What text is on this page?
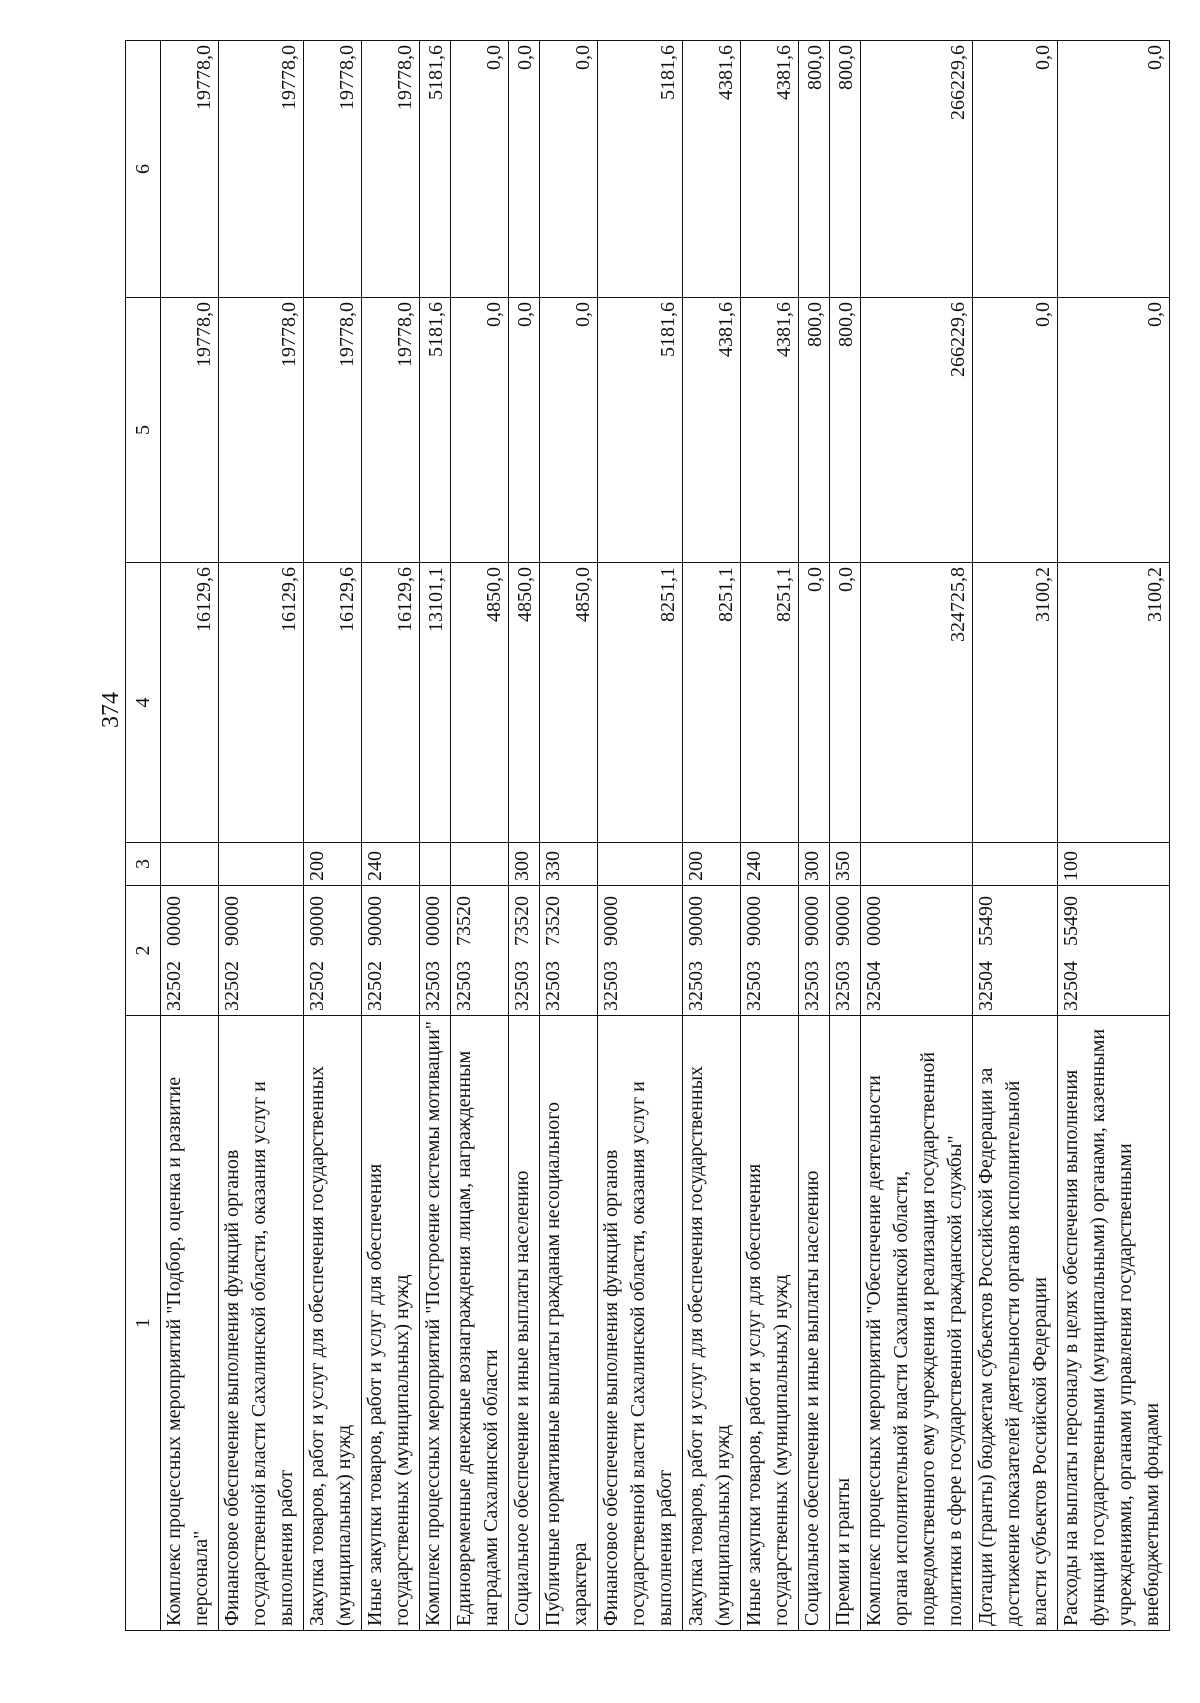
374
1	2	3	4	5	6
Комплекс процессных мероприятий "Подбор, оценка и развитие персонала"	32502   00000		16129,6	19778,0	19778,0
Финансовое обеспечение выполнения функций органов государственной власти Сахалинской области, оказания услуг и выполнения работ	32502   90000		16129,6	19778,0	19778,0
Закупка товаров, работ и услуг для обеспечения государственных (муниципальных) нужд	32502   90000	200	16129,6	19778,0	19778,0
Иные закупки товаров, работ и услуг для обеспечения государственных (муниципальных) нужд	32502   90000	240	16129,6	19778,0	19778,0
Комплекс процессных мероприятий "Построение системы мотивации"	32503   00000		13101,1	5181,6	5181,6
Единовременные денежные вознаграждения лицам, награжденным наградами Сахалинской области	32503   73520		4850,0	0,0	0,0
Социальное обеспечение и иные выплаты населению	32503   73520	300	4850,0	0,0	0,0
Публичные нормативные выплаты гражданам несоциального характера	32503   73520	330	4850,0	0,0	0,0
Финансовое обеспечение выполнения функций органов государственной власти Сахалинской области, оказания услуг и выполнения работ	32503   90000		8251,1	5181,6	5181,6
Закупка товаров, работ и услуг для обеспечения государственных (муниципальных) нужд	32503   90000	200	8251,1	4381,6	4381,6
Иные закупки товаров, работ и услуг для обеспечения государственных (муниципальных) нужд	32503   90000	240	8251,1	4381,6	4381,6
Социальное обеспечение и иные выплаты населению	32503   90000	300	0,0	800,0	800,0
Премии и гранты	32503   90000	350	0,0	800,0	800,0
Комплекс процессных мероприятий "Обеспечение деятельности органа исполнительной власти Сахалинской области, подведомственного ему учреждения и реализация государственной политики в сфере государственной гражданской службы"	32504   00000		324725,8	266229,6	266229,6
Дотации (гранты) бюджетам субъектов Российской Федерации за достижение показателей деятельности органов исполнительной власти субъектов Российской Федерации	32504   55490		3100,2	0,0	0,0
Расходы на выплаты персоналу в целях обеспечения выполнения функций государственными (муниципальными) органами, казенными учреждениями, органами управления государственными внебюджетными фондами	32504   55490	100	3100,2	0,0	0,0
